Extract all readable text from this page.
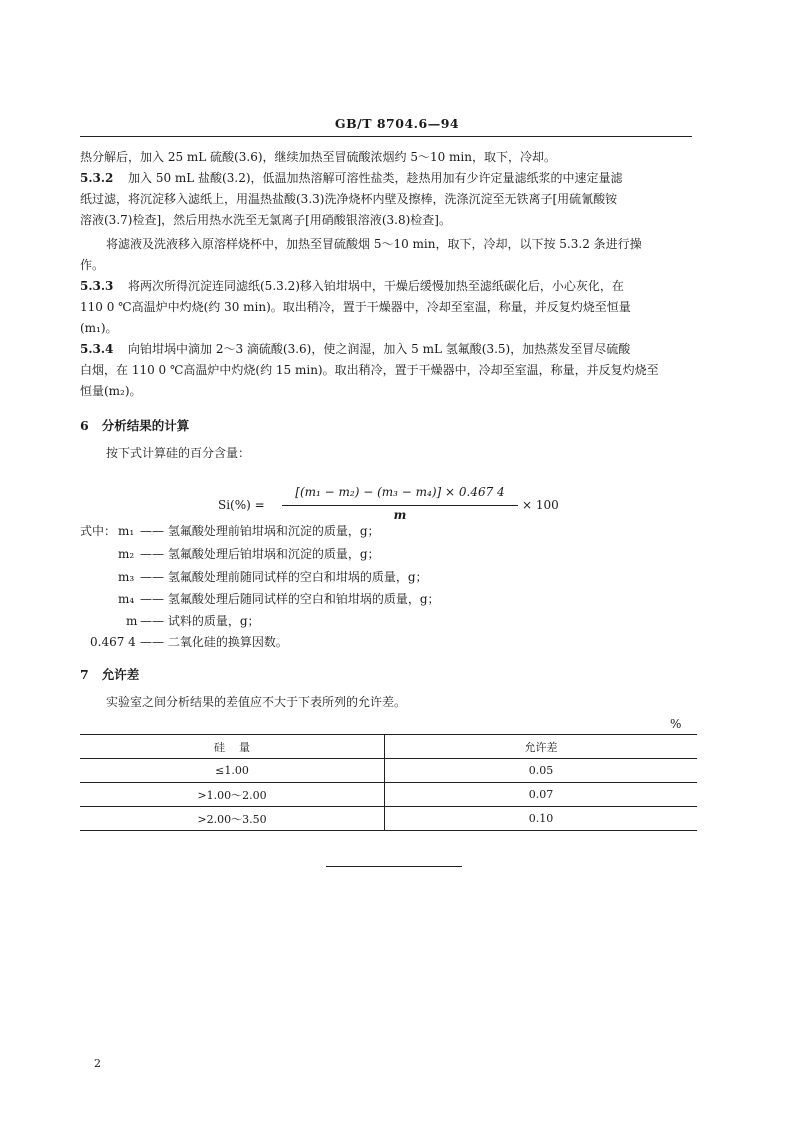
GB/T 8704.6—94
热分解后，加入 25 mL 硫酸(3.6)，继续加热至冒硫酸浓烟约 5～10 min，取下，冷却。
5.3.2 加入 50 mL 盐酸(3.2)，低温加热溶解可溶性盐类，趁热用加有少许定量滤纸浆的中速定量滤
纸过滤，将沉淀移入滤纸上，用温热盐酸(3.3)洗净烧杯内壁及擦棒，洗涤沉淀至无铁离子[用硫氰酸铵
溶液(3.7)检查]，然后用热水洗至无氯离子[用硝酸银溶液(3.8)检查]。
将滤液及洗液移入原溶样烧杯中，加热至冒硫酸烟 5～10 min，取下，冷却，以下按 5.3.2 条进行操
作。
5.3.3 将两次所得沉淀连同滤纸(5.3.2)移入铂坩埚中，干燥后缓慢加热至滤纸碳化后，小心灰化，在
110 0 ℃高温炉中灼烧(约 30 min)。取出稍冷，置于干燥器中，冷却至室温，称量，并反复灼烧至恒量
(m₁)。
5.3.4 向铂坩埚中滴加 2～3 滴硫酸(3.6)，使之润湿，加入 5 mL 氢氟酸(3.5)，加热蒸发至冒尽硫酸
白烟，在 110 0 ℃高温炉中灼烧(约 15 min)。取出稍冷，置于干燥器中，冷却至室温，称量，并反复灼烧至
恒量(m₂)。
6   分析结果的计算
按下式计算硅的百分含量：
Si(%) =
[(m₁ − m₂) − (m₃ − m₄)] × 0.467 4
m
× 100
式中： m₁ —— 氢氟酸处理前铂坩埚和沉淀的质量，g；
m₂ —— 氢氟酸处理后铂坩埚和沉淀的质量，g；
m₃ —— 氢氟酸处理前随同试样的空白和坩埚的质量，g；
m₄ —— 氢氟酸处理后随同试样的空白和铂坩埚的质量，g；
m —— 试料的质量，g；
0.467 4 —— 二氧化硅的换算因数。
7   允许差
实验室之间分析结果的差值应不大于下表所列的允许差。
%
硅    量	允许差
≤1.00	0.05
>1.00～2.00	0.07
>2.00～3.50	0.10
2
